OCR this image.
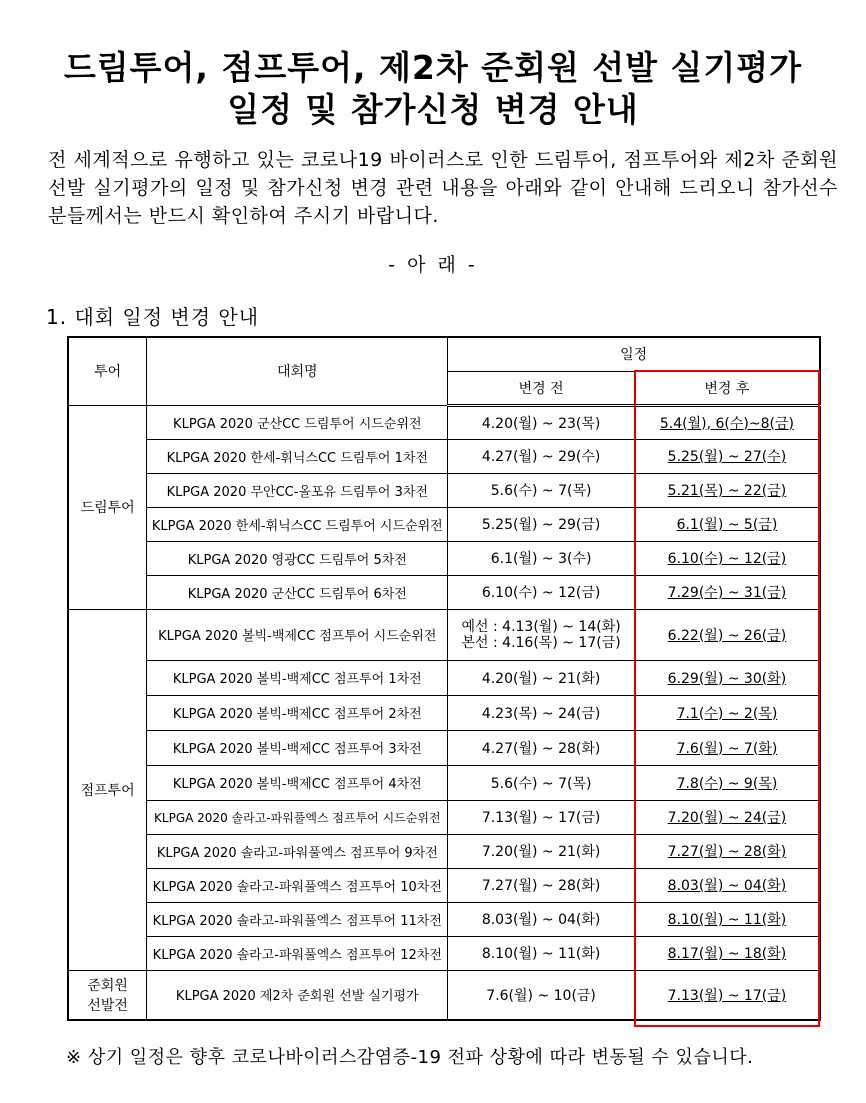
드림투어, 점프투어, 제2차 준회원 선발 실기평가
일정 및 참가신청 변경 안내
전 세계적으로 유행하고 있는 코로나19 바이러스로 인한 드림투어, 점프투어와 제2차 준회원 선발 실기평가의 일정 및 참가신청 변경 관련 내용을 아래와 같이 안내해 드리오니 참가선수분들께서는 반드시 확인하여 주시기 바랍니다.
- 아 래 -
1. 대회 일정 변경 안내
투어	대회명	일정	
		변경 전	변경 후
드림투어	KLPGA 2020 군산CC 드림투어 시드순위전	4.20(월) ~ 23(목)	5.4(월), 6(수)~8(금)
	KLPGA 2020 한세-휘닉스CC 드림투어 1차전	4.27(월) ~ 29(수)	5.25(월) ~ 27(수)
	KLPGA 2020 무안CC-올포유 드림투어 3차전	5.6(수) ~ 7(목)	5.21(목) ~ 22(금)
	KLPGA 2020 한세-휘닉스CC 드림투어 시드순위전	5.25(월) ~ 29(금)	6.1(월) ~ 5(금)
	KLPGA 2020 영광CC 드림투어 5차전	6.1(월) ~ 3(수)	6.10(수) ~ 12(금)
	KLPGA 2020 군산CC 드림투어 6차전	6.10(수) ~ 12(금)	7.29(수) ~ 31(금)
점프투어	KLPGA 2020 볼빅-백제CC 점프투어 시드순위전	예선 : 4.13(월) ~ 14(화)
본선 : 4.16(목) ~ 17(금)	6.22(월) ~ 26(금)
	KLPGA 2020 볼빅-백제CC 점프투어 1차전	4.20(월) ~ 21(화)	6.29(월) ~ 30(화)
	KLPGA 2020 볼빅-백제CC 점프투어 2차전	4.23(목) ~ 24(금)	7.1(수) ~ 2(목)
	KLPGA 2020 볼빅-백제CC 점프투어 3차전	4.27(월) ~ 28(화)	7.6(월) ~ 7(화)
	KLPGA 2020 볼빅-백제CC 점프투어 4차전	5.6(수) ~ 7(목)	7.8(수) ~ 9(목)
	KLPGA 2020 솔라고-파워풀엑스 점프투어 시드순위전	7.13(월) ~ 17(금)	7.20(월) ~ 24(금)
	KLPGA 2020 솔라고-파워풀엑스 점프투어 9차전	7.20(월) ~ 21(화)	7.27(월) ~ 28(화)
	KLPGA 2020 솔라고-파워풀엑스 점프투어 10차전	7.27(월) ~ 28(화)	8.03(월) ~ 04(화)
	KLPGA 2020 솔라고-파워풀엑스 점프투어 11차전	8.03(월) ~ 04(화)	8.10(월) ~ 11(화)
	KLPGA 2020 솔라고-파워풀엑스 점프투어 12차전	8.10(월) ~ 11(화)	8.17(월) ~ 18(화)

준회원
선발전	KLPGA 2020 제2차 준회원 선발 실기평가	7.6(월) ~ 10(금)	7.13(월) ~ 17(금)
※ 상기 일정은 향후 코로나바이러스감염증-19 전파 상황에 따라 변동될 수 있습니다.
